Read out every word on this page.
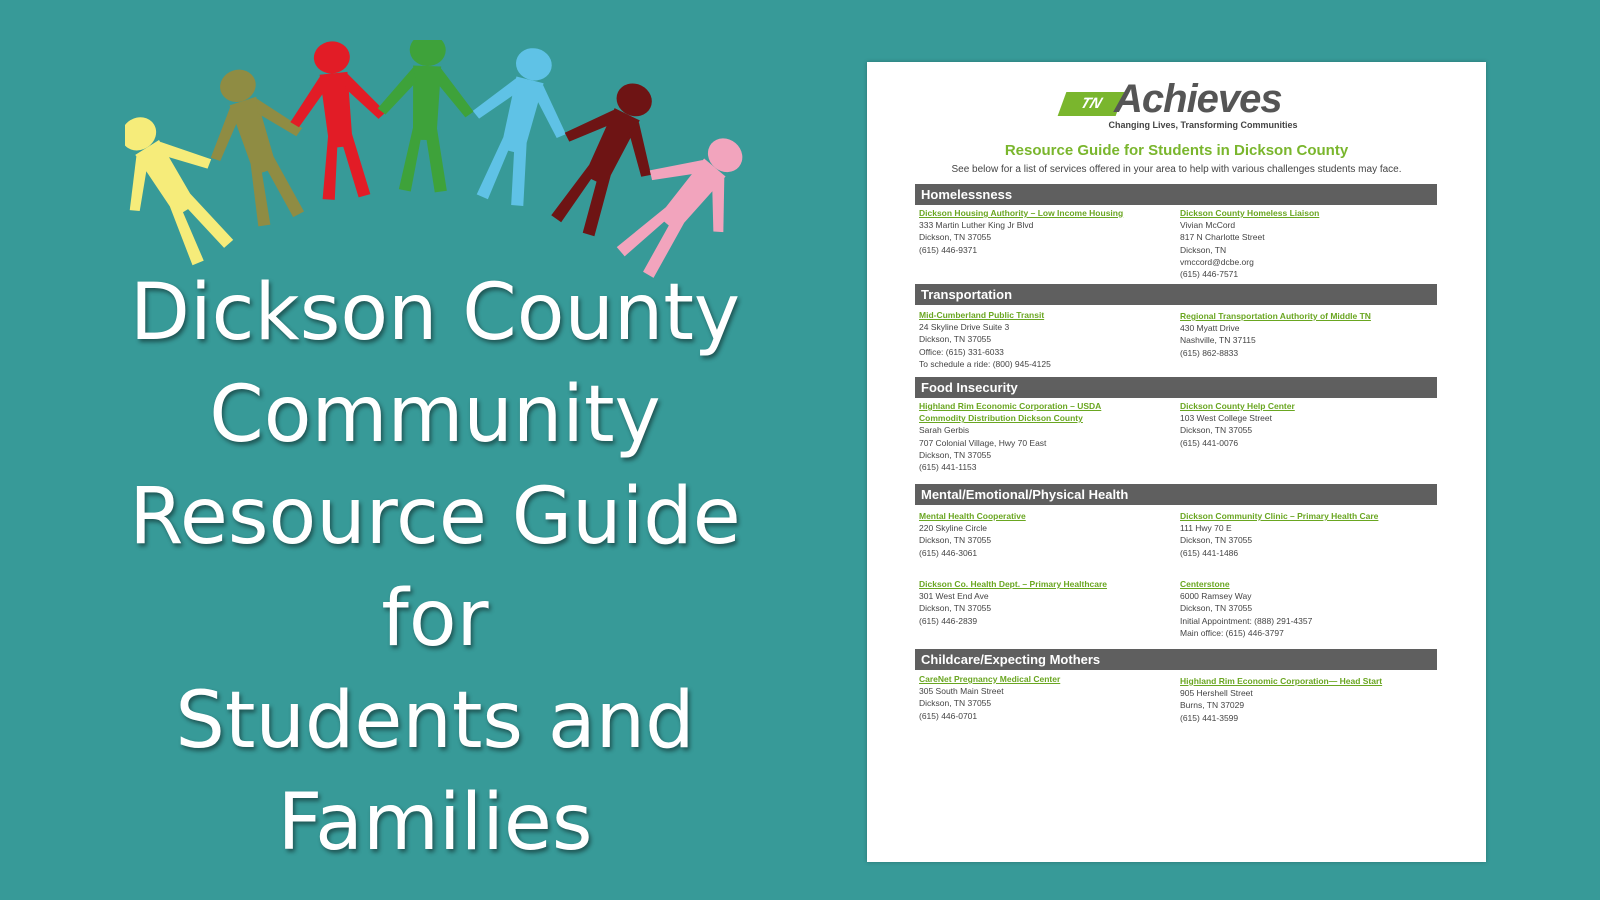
Dickson County
Community
Resource Guide
for
Students and
Families
TN Achieves
Changing Lives, Transforming Communities
Resource Guide for Students in Dickson County
See below for a list of services offered in your area to help with various challenges students may face.
Homelessness
Dickson Housing Authority – Low Income Housing
333 Martin Luther King Jr Blvd
Dickson, TN 37055
(615) 446-9371
Dickson County Homeless Liaison
Vivian McCord
817 N Charlotte Street
Dickson, TN
vmccord@dcbe.org
(615) 446-7571
Transportation
Mid-Cumberland Public Transit
24 Skyline Drive Suite 3
Dickson, TN 37055
Office: (615) 331-6033
To schedule a ride: (800) 945-4125
Regional Transportation Authority of Middle TN
430 Myatt Drive
Nashville, TN 37115
(615) 862-8833
Food Insecurity
Highland Rim Economic Corporation – USDA
Commodity Distribution Dickson County
Sarah Gerbis
707 Colonial Village, Hwy 70 East
Dickson, TN 37055
(615) 441-1153
Dickson County Help Center
103 West College Street
Dickson, TN 37055
(615) 441-0076
Mental/Emotional/Physical Health
Mental Health Cooperative
220 Skyline Circle
Dickson, TN 37055
(615) 446-3061
Dickson Community Clinic – Primary Health Care
111 Hwy 70 E
Dickson, TN 37055
(615) 441-1486
Dickson Co. Health Dept. – Primary Healthcare
301 West End Ave
Dickson, TN 37055
(615) 446-2839
Centerstone
6000 Ramsey Way
Dickson, TN 37055
Initial Appointment: (888) 291-4357
Main office: (615) 446-3797
Childcare/Expecting Mothers
CareNet Pregnancy Medical Center
305 South Main Street
Dickson, TN 37055
(615) 446-0701
Highland Rim Economic Corporation— Head Start
905 Hershell Street
Burns, TN 37029
(615) 441-3599
